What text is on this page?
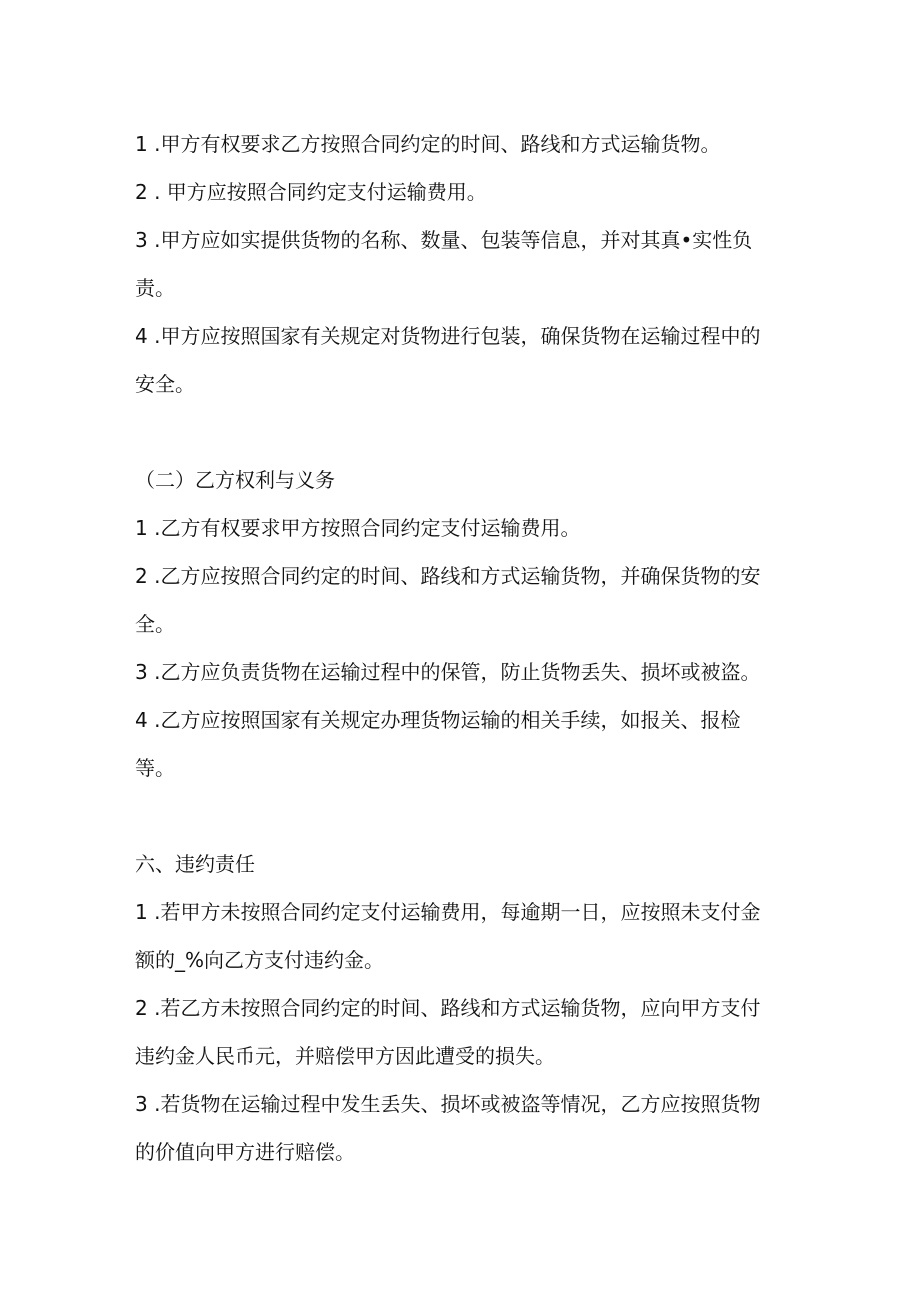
1 .甲方有权要求乙方按照合同约定的时间、路线和方式运输货物。

2 . 甲方应按照合同约定支付运输费用。

3 .甲方应如实提供货物的名称、数量、包装等信息，并对其真•实性负责。

4 .甲方应按照国家有关规定对货物进行包装，确保货物在运输过程中的安全。

（二）乙方权利与义务

1 .乙方有权要求甲方按照合同约定支付运输费用。

2 .乙方应按照合同约定的时间、路线和方式运输货物，并确保货物的安全。

3 .乙方应负责货物在运输过程中的保管，防止货物丢失、损坏或被盗。

4 .乙方应按照国家有关规定办理货物运输的相关手续，如报关、报检等。

六、违约责任

1 .若甲方未按照合同约定支付运输费用，每逾期一日，应按照未支付金额的_%向乙方支付违约金。

2 .若乙方未按照合同约定的时间、路线和方式运输货物，应向甲方支付违约金人民币元，并赔偿甲方因此遭受的损失。

3 .若货物在运输过程中发生丢失、损坏或被盗等情况，乙方应按照货物的价值向甲方进行赔偿。
